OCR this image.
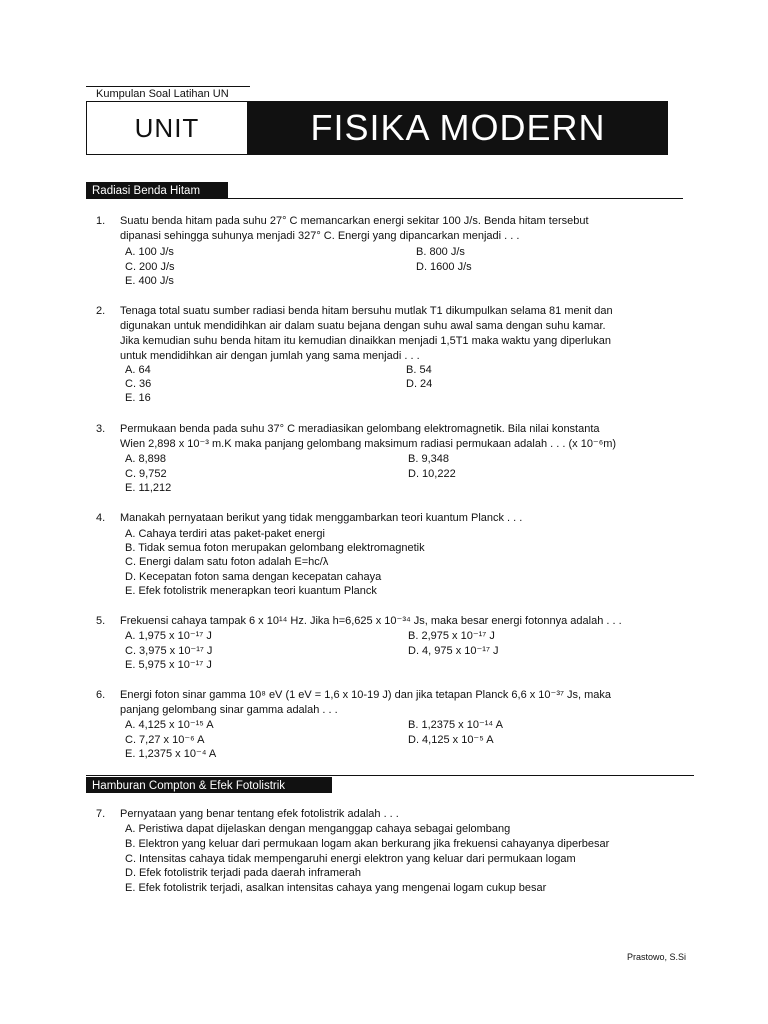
Kumpulan Soal Latihan UN
UNIT	FISIKA MODERN
Radiasi Benda Hitam
1. Suatu benda hitam pada suhu 27° C memancarkan energi sekitar 100 J/s. Benda hitam tersebut
dipanasi sehingga suhunya menjadi 327° C. Energi yang dipancarkan menjadi . . .
A. 100 J/s	B. 800 J/s
C. 200 J/s	D. 1600 J/s
E. 400 J/s
2. Tenaga total suatu sumber radiasi benda hitam bersuhu mutlak T1 dikumpulkan selama 81 menit dan
digunakan untuk mendidihkan air dalam suatu bejana dengan suhu awal sama dengan suhu kamar.
Jika kemudian suhu benda hitam itu kemudian dinaikkan menjadi 1,5T1 maka waktu yang diperlukan
untuk mendidihkan air dengan jumlah yang sama menjadi . . .
A. 64	B. 54
C. 36	D. 24
E. 16
3. Permukaan benda pada suhu 37° C meradiasikan gelombang elektromagnetik. Bila nilai konstanta
Wien 2,898 x 10⁻³ m.K maka panjang gelombang maksimum radiasi permukaan adalah . . . (x 10⁻⁶m)
A. 8,898	B. 9,348
C. 9,752	D. 10,222
E. 11,212
4. Manakah pernyataan berikut yang tidak menggambarkan teori kuantum Planck . . .
A. Cahaya terdiri atas paket-paket energi
B. Tidak semua foton merupakan gelombang elektromagnetik
C. Energi dalam satu foton adalah E=hc/λ
D. Kecepatan foton sama dengan kecepatan cahaya
E. Efek fotolistrik menerapkan teori kuantum Planck
5. Frekuensi cahaya tampak 6 x 10¹⁴ Hz. Jika h=6,625 x 10⁻³⁴ Js, maka besar energi fotonnya adalah . . .
A. 1,975 x 10⁻¹⁷ J	B. 2,975 x 10⁻¹⁷ J
C. 3,975 x 10⁻¹⁷ J	D. 4, 975 x 10⁻¹⁷ J
E. 5,975 x 10⁻¹⁷ J
6. Energi foton sinar gamma 10⁸ eV (1 eV = 1,6 x 10-19 J) dan jika tetapan Planck 6,6 x 10⁻³⁷ Js, maka
panjang gelombang sinar gamma adalah . . .
A. 4,125 x 10⁻¹⁵ A	B. 1,2375 x 10⁻¹⁴ A
C. 7,27 x 10⁻⁶ A	D. 4,125 x 10⁻⁵ A
E. 1,2375 x 10⁻⁴ A
Hamburan Compton & Efek Fotolistrik
7. Pernyataan yang benar tentang efek fotolistrik adalah . . .
A. Peristiwa dapat dijelaskan dengan menganggap cahaya sebagai gelombang
B. Elektron yang keluar dari permukaan logam akan berkurang jika frekuensi cahayanya diperbesar
C. Intensitas cahaya tidak mempengaruhi energi elektron yang keluar dari permukaan logam
D. Efek fotolistrik terjadi pada daerah inframerah
E. Efek fotolistrik terjadi, asalkan intensitas cahaya yang mengenai logam cukup besar
Prastowo, S.Si
